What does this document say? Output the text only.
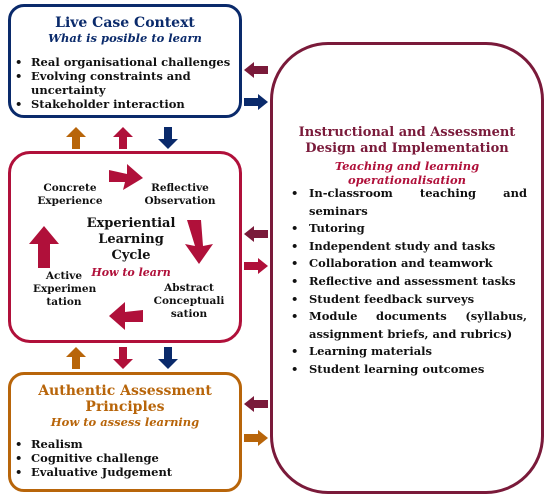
Live Case Context
What is posible to learn
• Real organisational challenges
• Evolving constraints and uncertainty
• Stakeholder interaction
Concrete Experience
Reflective Observation
Abstract Conceptuali sation
Active Experimen tation
Experiential Learning Cycle
How to learn
Authentic Assessment Principles
How to assess learning
• Realism
• Cognitive challenge
• Evaluative Judgement
Instructional and Assessment Design and Implementation
Teaching and learning operationalisation
• In-classroom teaching and seminars
• Tutoring
• Independent study and tasks
• Collaboration and teamwork
• Reflective and assessment tasks
• Student feedback surveys
• Module documents (syllabus, assignment briefs, and rubrics)
• Learning materials
• Student learning outcomes
